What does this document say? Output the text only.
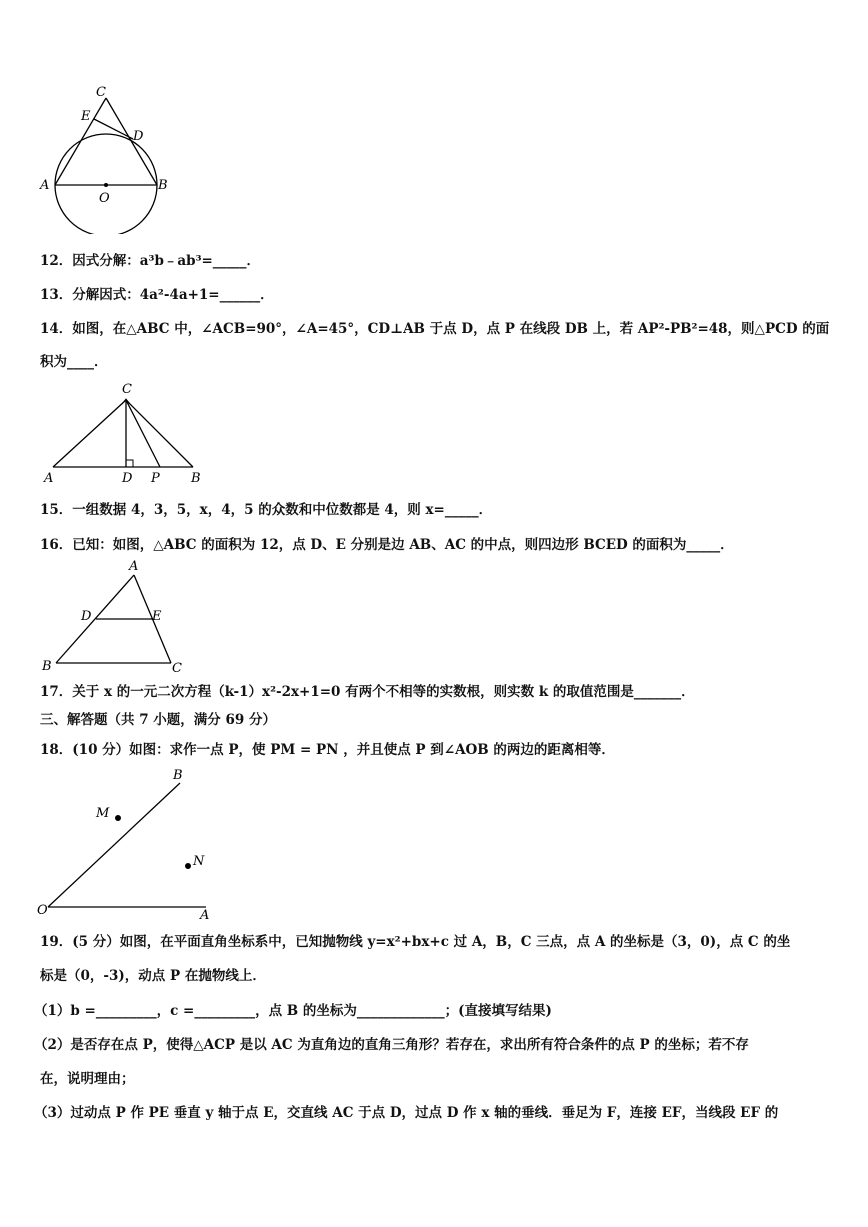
C
E
D
A	B
O
12．因式分解：a³b﹣ab³=_____．
13．分解因式：4a²-4a+1=______．
14．如图，在△ABC 中，∠ACB=90°，∠A=45°，CD⊥AB 于点 D，点 P 在线段 DB 上，若 AP²-PB²=48，则△PCD 的面
积为____．
C
A	D P B
15．一组数据 4，3，5，x，4，5 的众数和中位数都是 4，则 x=_____．
16．已知：如图，△ABC 的面积为 12，点 D、E 分别是边 AB、AC 的中点，则四边形 BCED 的面积为_____．
A
D	E
B	C
17．关于 x 的一元二次方程（k-1）x²-2x+1=0 有两个不相等的实数根，则实数 k 的取值范围是_______．
三、解答题（共 7 小题，满分 69 分）
18．(10 分）如图：求作一点 P，使 PM = PN ，并且使点 P 到∠AOB 的两边的距离相等．
B
M
N
O	A
19．(5 分）如图，在平面直角坐标系中，已知抛物线 y=x²+bx+c 过 A，B，C 三点，点 A 的坐标是（3，0)，点 C 的坐
标是（0，-3)，动点 P 在抛物线上．
（1）b =_________，c =_________，点 B 的坐标为_____________；(直接填写结果)
（2）是否存在点 P，使得△ACP 是以 AC 为直角边的直角三角形？若存在，求出所有符合条件的点 P 的坐标；若不存
在，说明理由；
（3）过动点 P 作 PE 垂直 y 轴于点 E，交直线 AC 于点 D，过点 D 作 x 轴的垂线．垂足为 F，连接 EF，当线段 EF 的
